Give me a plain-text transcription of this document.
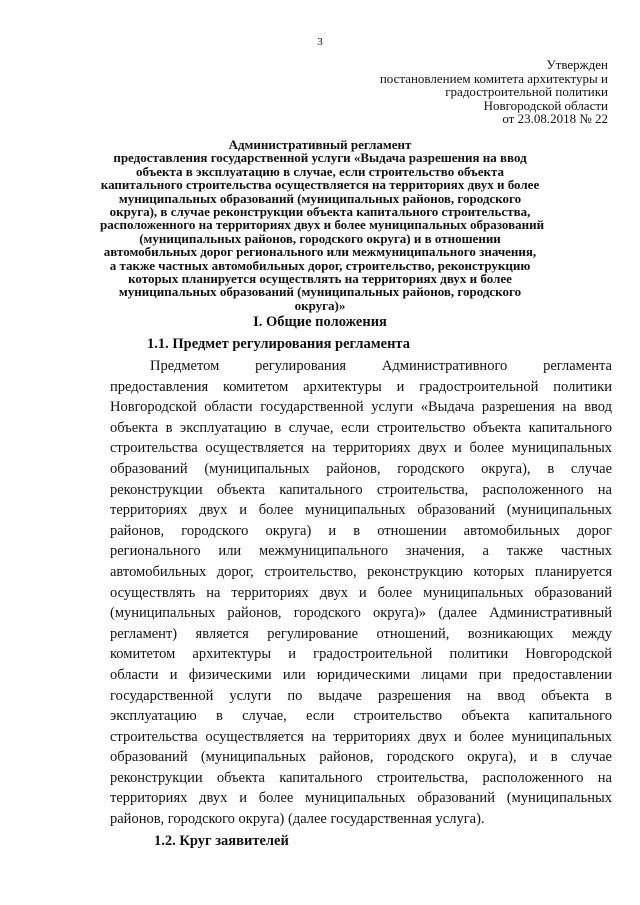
3
Утвержден
постановлением комитета архитектуры и
градостроительной политики
Новгородской области
от 23.08.2018 № 22
Административный регламент
предоставления государственной услуги «Выдача разрешения на ввод
объекта в эксплуатацию в случае, если строительство объекта
капитального строительства осуществляется на территориях двух и более
муниципальных образований (муниципальных районов, городского
округа), в случае реконструкции объекта капитального строительства,
расположенного на территориях двух и более муниципальных образований
(муниципальных районов, городского округа) и в отношении
автомобильных дорог регионального или межмуниципального значения,
а также частных автомобильных дорог, строительство, реконструкцию
которых планируется осуществлять на территориях двух и более
муниципальных образований (муниципальных районов, городского
округа)»
I. Общие положения
1.1. Предмет регулирования регламента
Предметом регулирования Административного регламента
предоставления комитетом архитектуры и градостроительной политики
Новгородской области государственной услуги «Выдача разрешения на ввод
объекта в эксплуатацию в случае, если строительство объекта капитального
строительства осуществляется на территориях двух и более муниципальных
образований (муниципальных районов, городского округа), в случае
реконструкции объекта капитального строительства, расположенного на
территориях двух и более муниципальных образований (муниципальных
районов, городского округа) и в отношении автомобильных дорог
регионального или межмуниципального значения, а также частных
автомобильных дорог, строительство, реконструкцию которых планируется
осуществлять на территориях двух и более муниципальных образований
(муниципальных районов, городского округа)» (далее Административный
регламент) является регулирование отношений, возникающих между
комитетом архитектуры и градостроительной политики Новгородской
области и физическими или юридическими лицами при предоставлении
государственной услуги по выдаче разрешения на ввод объекта в
эксплуатацию в случае, если строительство объекта капитального
строительства осуществляется на территориях двух и более муниципальных
образований (муниципальных районов, городского округа), и в случае
реконструкции объекта капитального строительства, расположенного на
территориях двух и более муниципальных образований (муниципальных
районов, городского округа) (далее государственная услуга).
1.2. Круг заявителей
